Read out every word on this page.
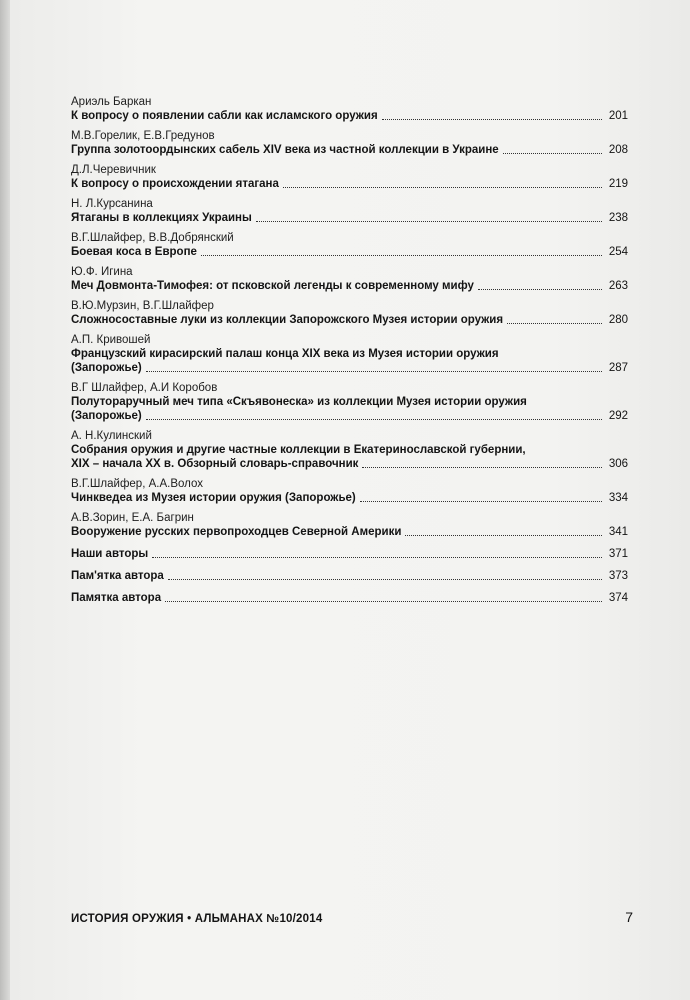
Ариэль Баркан
К вопросу о появлении сабли как исламского оружия	201
М.В.Горелик, Е.В.Гредунов
Группа золотоордынских сабель XIV века из частной коллекции в Украине	208
Д.Л.Черевичник
К вопросу о происхождении ятагана	219
Н. Л.Курсанина
Ятаганы в коллекциях Украины	238
В.Г.Шлайфер, В.В.Добрянский
Боевая коса в Европе	254
Ю.Ф. Игина
Меч Довмонта-Тимофея: от псковской легенды к современному мифу	263
В.Ю.Мурзин, В.Г.Шлайфер
Сложносоставные луки из коллекции Запорожского Музея истории оружия	280
А.П. Кривошей
Французский кирасирский палаш конца XIX века из Музея истории оружия
(Запорожье)	287
В.Г Шлайфер, А.И Коробов
Полуторaручный меч типа «Скъявонеска» из коллекции Музея истории оружия
(Запорожье)	292
А. Н.Кулинский
Собрания оружия и другие частные коллекции в Екатеринославской губернии,
XIX – начала XX в. Обзорный словарь-справочник	306
В.Г.Шлайфер, А.А.Волох
Чинкведеа из Музея истории оружия (Запорожье)	334
А.В.Зорин, Е.А. Багрин
Вооружение русских первопроходцев Северной Америки	341
Наши авторы	371
Пам'ятка автора	373
Памятка автора	374
ИСТОРИЯ ОРУЖИЯ • АЛЬМАНАХ №10/2014	7
